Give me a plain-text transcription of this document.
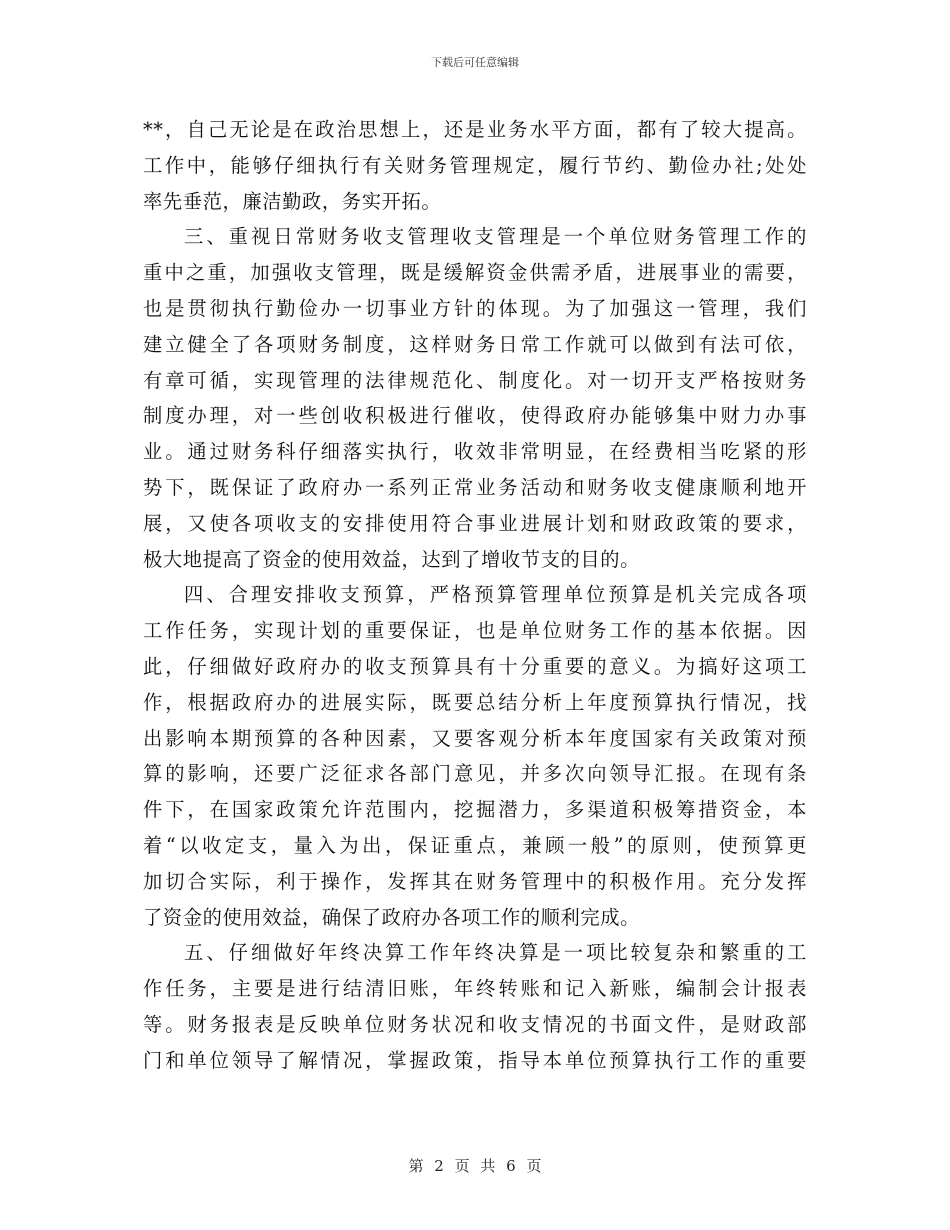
下载后可任意编辑
**，自己无论是在政治思想上，还是业务水平方面，都有了较大提高。
工作中，能够仔细执行有关财务管理规定，履行节约、勤俭办社;处处
率先垂范，廉洁勤政，务实开拓。
三、重视日常财务收支管理收支管理是一个单位财务管理工作的
重中之重，加强收支管理，既是缓解资金供需矛盾，进展事业的需要，
也是贯彻执行勤俭办一切事业方针的体现。为了加强这一管理，我们
建立健全了各项财务制度，这样财务日常工作就可以做到有法可依，
有章可循，实现管理的法律规范化、制度化。对一切开支严格按财务
制度办理，对一些创收积极进行催收，使得政府办能够集中财力办事
业。通过财务科仔细落实执行，收效非常明显，在经费相当吃紧的形
势下，既保证了政府办一系列正常业务活动和财务收支健康顺利地开
展，又使各项收支的安排使用符合事业进展计划和财政政策的要求，
极大地提高了资金的使用效益，达到了增收节支的目的。
四、合理安排收支预算，严格预算管理单位预算是机关完成各项
工作任务，实现计划的重要保证，也是单位财务工作的基本依据。因
此，仔细做好政府办的收支预算具有十分重要的意义。为搞好这项工
作，根据政府办的进展实际，既要总结分析上年度预算执行情况，找
出影响本期预算的各种因素，又要客观分析本年度国家有关政策对预
算的影响，还要广泛征求各部门意见，并多次向领导汇报。在现有条
件下，在国家政策允许范围内，挖掘潜力，多渠道积极筹措资金，本
着“以收定支，量入为出，保证重点，兼顾一般”的原则，使预算更
加切合实际，利于操作，发挥其在财务管理中的积极作用。充分发挥
了资金的使用效益，确保了政府办各项工作的顺利完成。
五、仔细做好年终决算工作年终决算是一项比较复杂和繁重的工
作任务，主要是进行结清旧账，年终转账和记入新账，编制会计报表
等。财务报表是反映单位财务状况和收支情况的书面文件，是财政部
门和单位领导了解情况，掌握政策，指导本单位预算执行工作的重要
第 2 页 共 6 页
